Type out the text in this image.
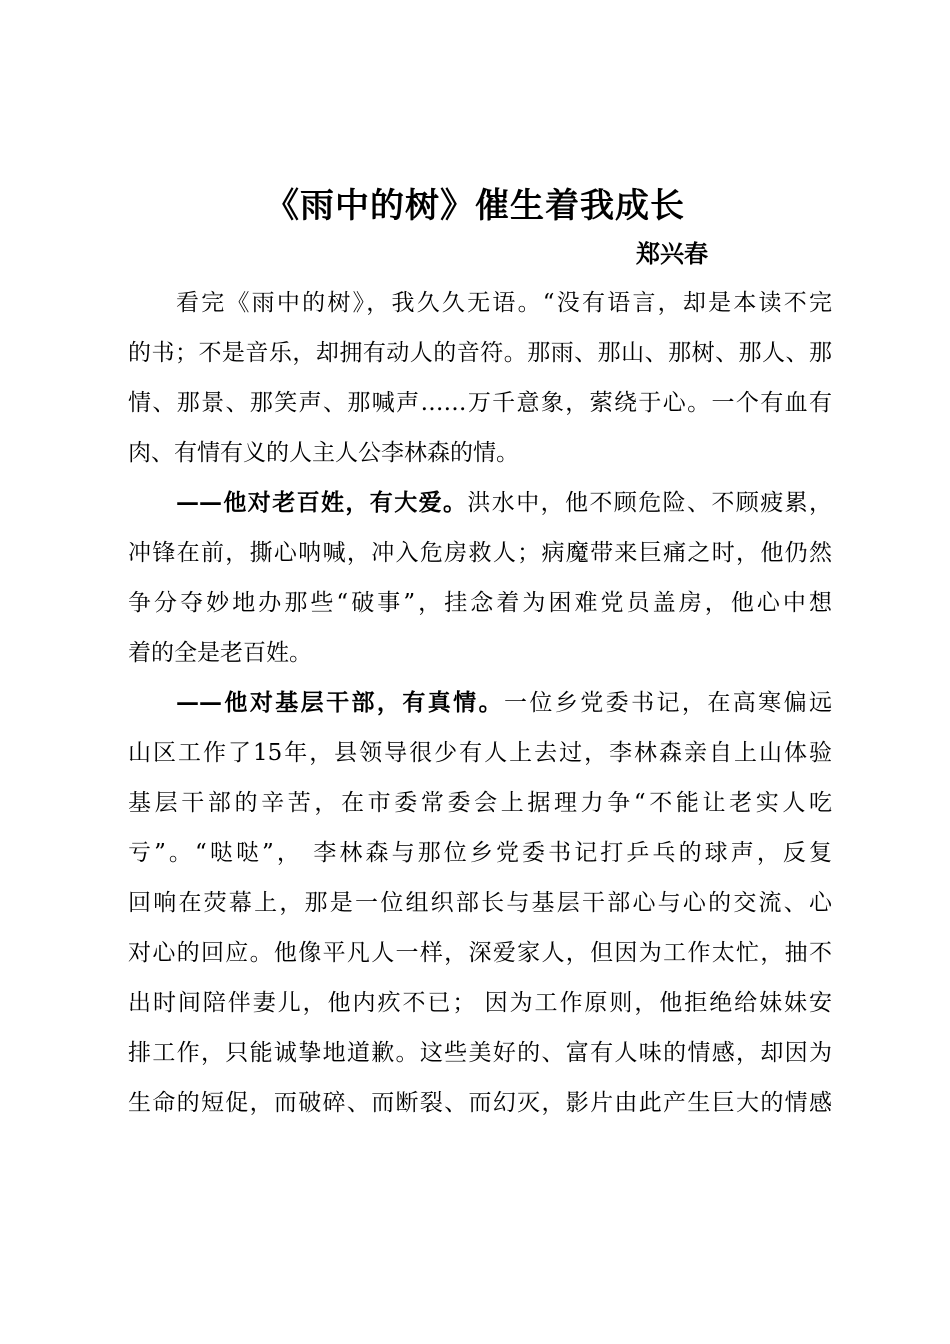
《雨中的树》催生着我成长
郑兴春
看完《雨中的树》，我久久无语。“没有语言，却是本读不完
的书；不是音乐，却拥有动人的音符。那雨、那山、那树、那人、那
情、那景、那笑声、那喊声……万千意象，萦绕于心。一个有血有
肉、有情有义的人主人公李林森的情。
——他对老百姓，有大爱。洪水中，他不顾危险、不顾疲累，
冲锋在前，撕心呐喊，冲入危房救人；病魔带来巨痛之时，他仍然
争分夺妙地办那些“破事”，挂念着为困难党员盖房，他心中想
着的全是老百姓。
——他对基层干部，有真情。一位乡党委书记，在高寒偏远
山区工作了15年，县领导很少有人上去过，李林森亲自上山体验
基层干部的辛苦，在市委常委会上据理力争“不能让老实人吃
亏”。“哒哒”， 李林森与那位乡党委书记打乒乓的球声，反复
回响在荧幕上，那是一位组织部长与基层干部心与心的交流、心
对心的回应。他像平凡人一样，深爱家人，但因为工作太忙，抽不
出时间陪伴妻儿，他内疚不已； 因为工作原则，他拒绝给妹妹安
排工作，只能诚挚地道歉。这些美好的、富有人味的情感，却因为
生命的短促，而破碎、而断裂、而幻灭，影片由此产生巨大的情感
